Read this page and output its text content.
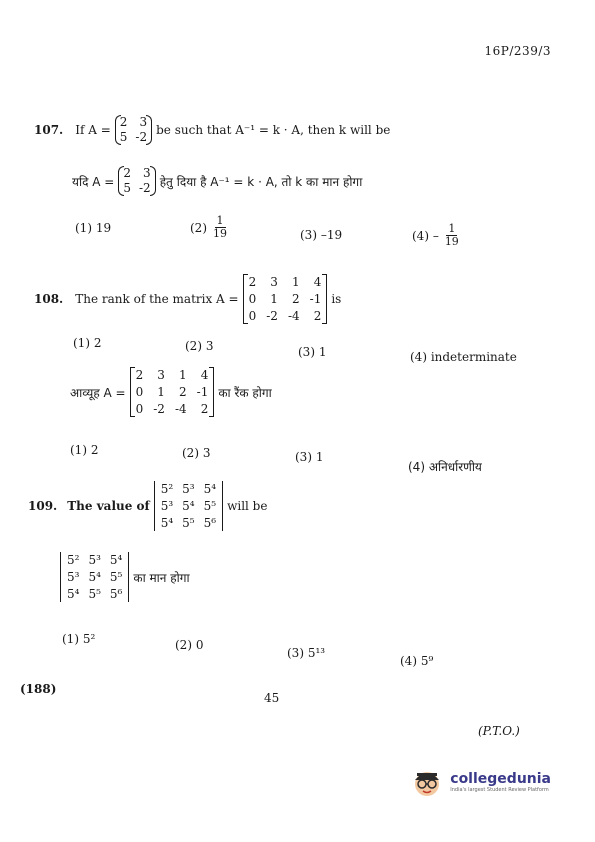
16P/239/3
107. If A =
2	3
5 -2 be such that A⁻¹ = k · A, then k will be
यदि A =
2	3
5 -2 हेतु दिया है A⁻¹ = k · A, तो k का मान होगा
(1) 19	$(2) \frac{1}{19}$	(3) –19	$(4) - \frac{1}{19}$
108. The rank of the matrix A =
2	3	1	4
0	1	2 -1
0 -2 -4	2
is
(1) 2	(2) 3	(3) 1	(4) indeterminate
आव्यूह A =
2	3	1	4
0	1	2 -1
0 -2 -4	2
का रैंक होगा
(1) 2	(2) 3	(3) 1
(4) अनिर्धारणीय
109. The value of
5² 5³ 5⁴
5³ 5⁴ 5⁵
5⁴ 5⁵ 5⁶
will be
5² 5³ 5⁴
5³ 5⁴ 5⁵
5⁴ 5⁵ 5⁶
का मान होगा
(1) 5²	(2) 0
(3) 5¹³
(4) 5⁹
(188)
45
(P.T.O.)
collegedunia
India's largest Student Review Platform
